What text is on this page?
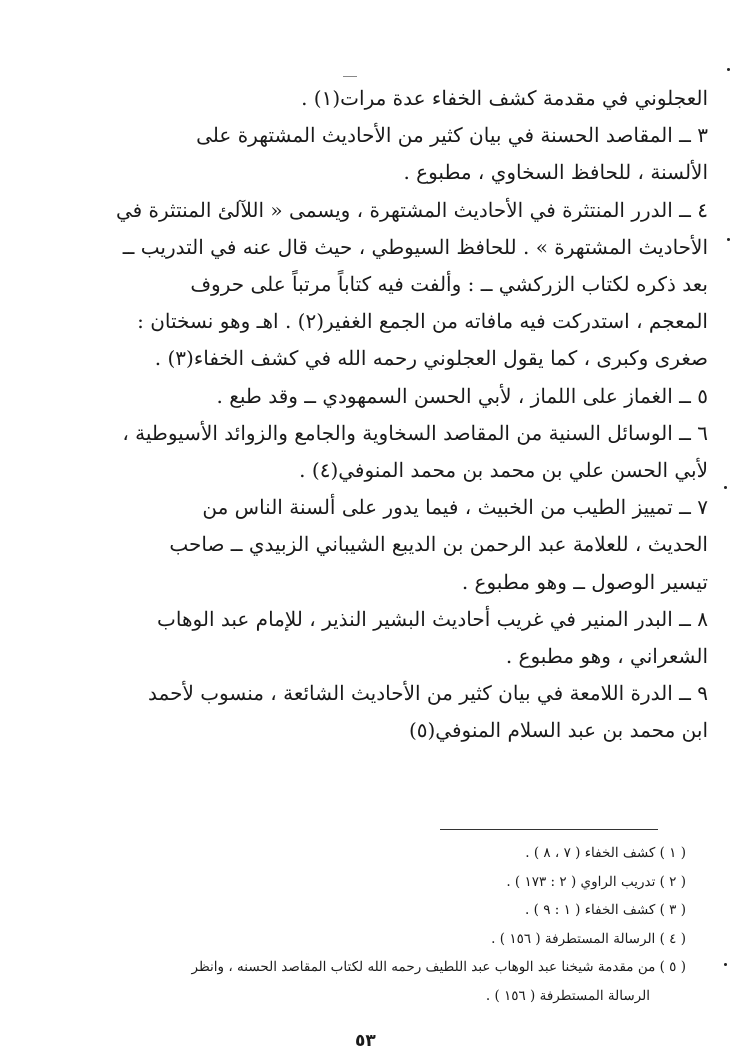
العجلوني في مقدمة كشف الخفاء عدة مرات(١) .

٣ ــ المقاصد الحسنة في بيان كثير من الأحاديث المشتهرة على

الألسنة ، للحافظ السخاوي ، مطبوع .

٤ ــ الدرر المنتثرة في الأحاديث المشتهرة ، ويسمى « اللآلئ المنتثرة في

الأحاديث المشتهرة » . للحافظ السيوطي ، حيث قال عنه في التدريب ــ

بعد ذكره لكتاب الزركشي ــ : وألفت فيه كتاباً مرتباً على حروف

المعجم ، استدركت فيه مافاته من الجمع الغفير(٢) . اهـ وهو نسختان :

صغرى وكبرى ، كما يقول العجلوني رحمه الله في كشف الخفاء(٣) .

٥ ــ الغماز على اللماز ، لأبي الحسن السمهودي ــ وقد طبع .

٦ ــ الوسائل السنية من المقاصد السخاوية والجامع والزوائد الأسيوطية ،

لأبي الحسن علي بن محمد بن محمد المنوفي(٤) .

٧ ــ تمييز الطيب من الخبيث ، فيما يدور على ألسنة الناس من

الحديث ، للعلامة عبد الرحمن بن الديبع الشيباني الزبيدي ــ صاحب

تيسير الوصول ــ وهو مطبوع .

٨ ــ البدر المنير في غريب أحاديث البشير النذير ، للإمام عبد الوهاب

الشعراني ، وهو مطبوع .

٩ ــ الدرة اللامعة في بيان كثير من الأحاديث الشائعة ، منسوب لأحمد

ابن محمد بن عبد السلام المنوفي(٥)

( ١ ) كشف الخفاء ( ٧ ، ٨ ) .

( ٢ ) تدريب الراوي ( ٢ : ١٧٣ ) .

( ٣ ) كشف الخفاء ( ١ : ٩ ) .

( ٤ ) الرسالة المستطرفة ( ١٥٦ ) .

( ٥ ) من مقدمة شيخنا عبد الوهاب عبد اللطيف رحمه الله لكتاب المقاصد الحسنه ، وانظر

الرسالة المستطرفة ( ١٥٦ ) .

٥٣
